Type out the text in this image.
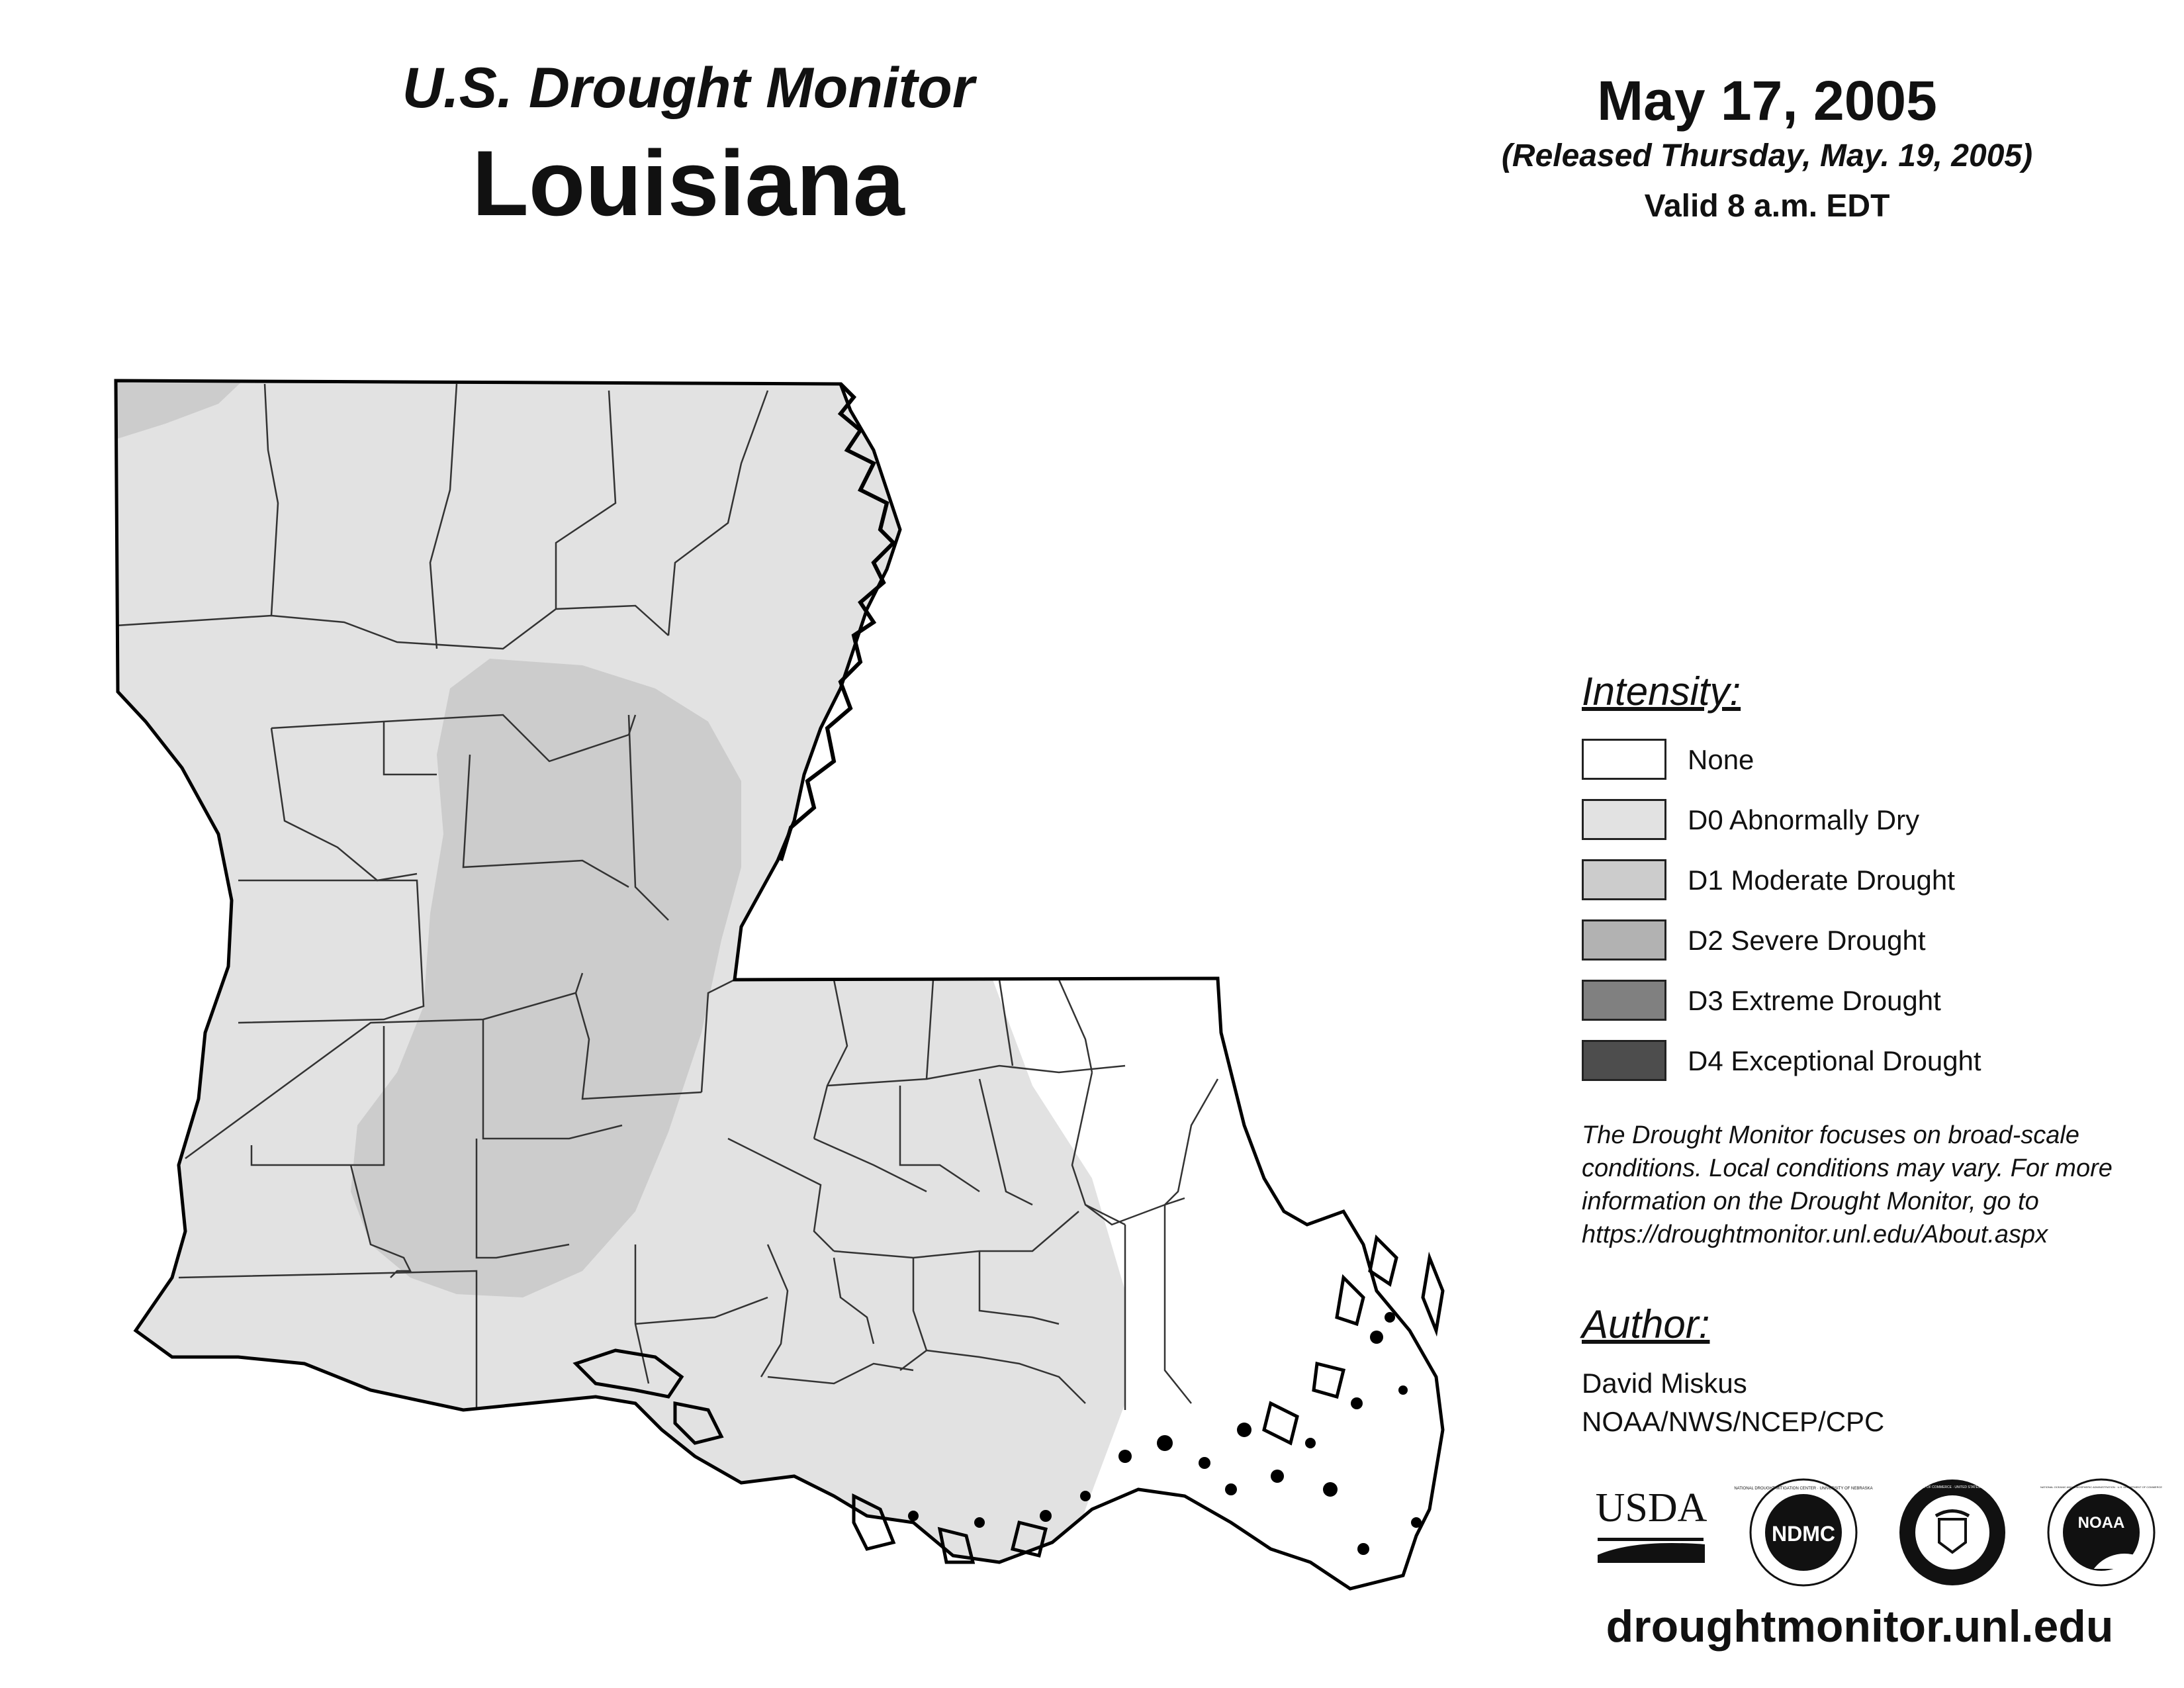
U.S. Drought Monitor
Louisiana
May 17, 2005
(Released Thursday, May. 19, 2005)
Valid 8 a.m. EDT
Intensity:
None
D0 Abnormally Dry
D1 Moderate Drought
D2 Severe Drought
D3 Extreme Drought
D4 Exceptional Drought
The Drought Monitor focuses on broad-scale
conditions. Local conditions may vary. For more
information on the Drought Monitor, go to
https://droughtmonitor.unl.edu/About.aspx
Author:
David Miskus
NOAA/NWS/NCEP/CPC
USDA
NDMC
NATIONAL DROUGHT MITIGATION CENTER · UNIVERSITY OF NEBRASKA	DEPARTMENT OF COMMERCE · UNITED STATES OF AMERICA
NOAA
NATIONAL OCEANIC AND ATMOSPHERIC ADMINISTRATION · U.S. DEPARTMENT OF COMMERCE
droughtmonitor.unl.edu
